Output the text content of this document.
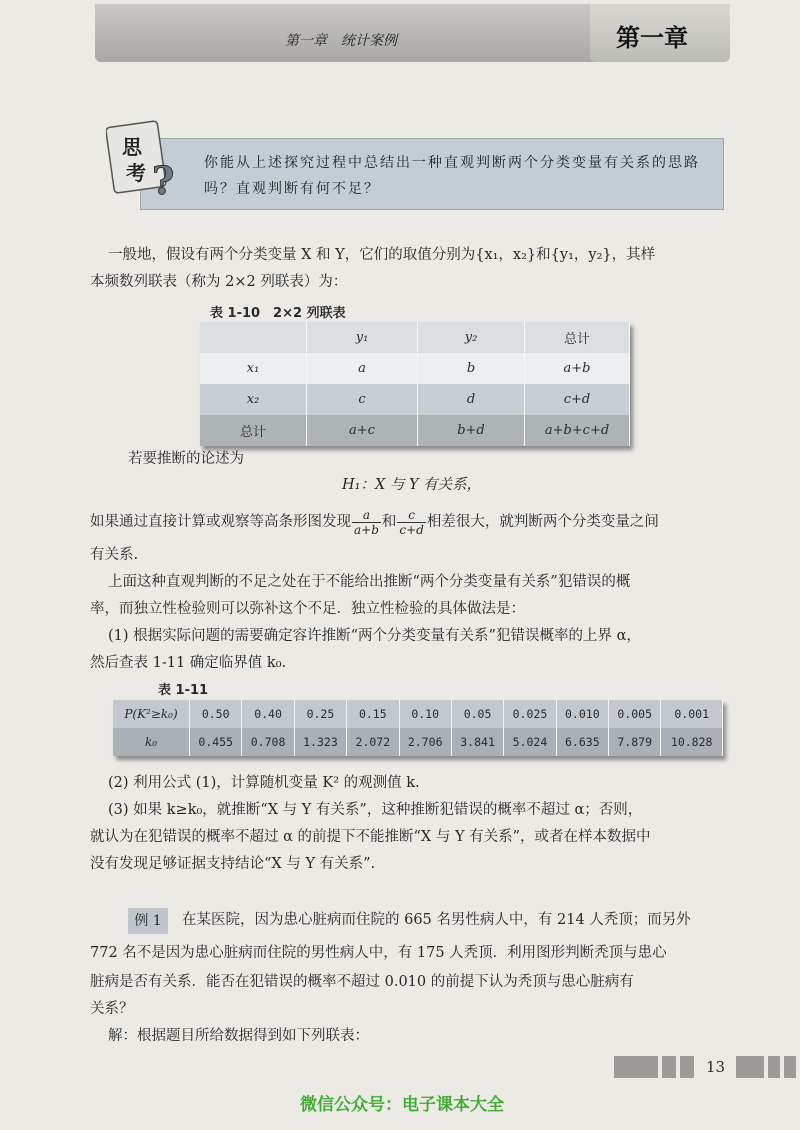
第一章　统计案例	第一章
思
考 ? 你能从上述探究过程中总结出一种直观判断两个分类变量有关系的思路吗？直观判断有何不足？
一般地，假设有两个分类变量 X 和 Y，它们的取值分别为{x₁，x₂}和{y₁，y₂}，其样
本频数列联表（称为 2×2 列联表）为：
表 1-10　2×2 列联表
	y₁	y₂	总计
x₁	a	b	a+b
x₂	c	d	c+d
总计	a+c	b+d	a+b+c+d
若要推断的论述为
H₁：X 与 Y 有关系，
如果通过直接计算或观察等高条形图发现 $\frac{a}{a+b}$ 和 $\frac{c}{c+d}$ 相差很大，就判断两个分类变量之间
有关系.
上面这种直观判断的不足之处在于不能给出推断“两个分类变量有关系”犯错误的概
率，而独立性检验则可以弥补这个不足．独立性检验的具体做法是：
(1) 根据实际问题的需要确定容许推断“两个分类变量有关系”犯错误概率的上界 α，
然后查表 1-11 确定临界值 k₀.
表 1-11
P(K²≥k₀)	0.50	0.40	0.25	0.15	0.10	0.05	0.025	0.010	0.005	0.001
k₀	0.455	0.708	1.323	2.072	2.706	3.841	5.024	6.635	7.879	10.828
(2) 利用公式 (1)，计算随机变量 K² 的观测值 k.
(3) 如果 k≥k₀，就推断“X 与 Y 有关系”，这种推断犯错误的概率不超过 α；否则，
就认为在犯错误的概率不超过 α 的前提下不能推断“X 与 Y 有关系”，或者在样本数据中
没有发现足够证据支持结论“X 与 Y 有关系”.
例 1	在某医院，因为患心脏病而住院的 665 名男性病人中，有 214 人秃顶；而另外
772 名不是因为患心脏病而住院的男性病人中，有 175 人秃顶．利用图形判断秃顶与患心
脏病是否有关系．能否在犯错误的概率不超过 0.010 的前提下认为秃顶与患心脏病有
关系？
解：根据题目所给数据得到如下列联表：
13
微信公众号：电子课本大全
